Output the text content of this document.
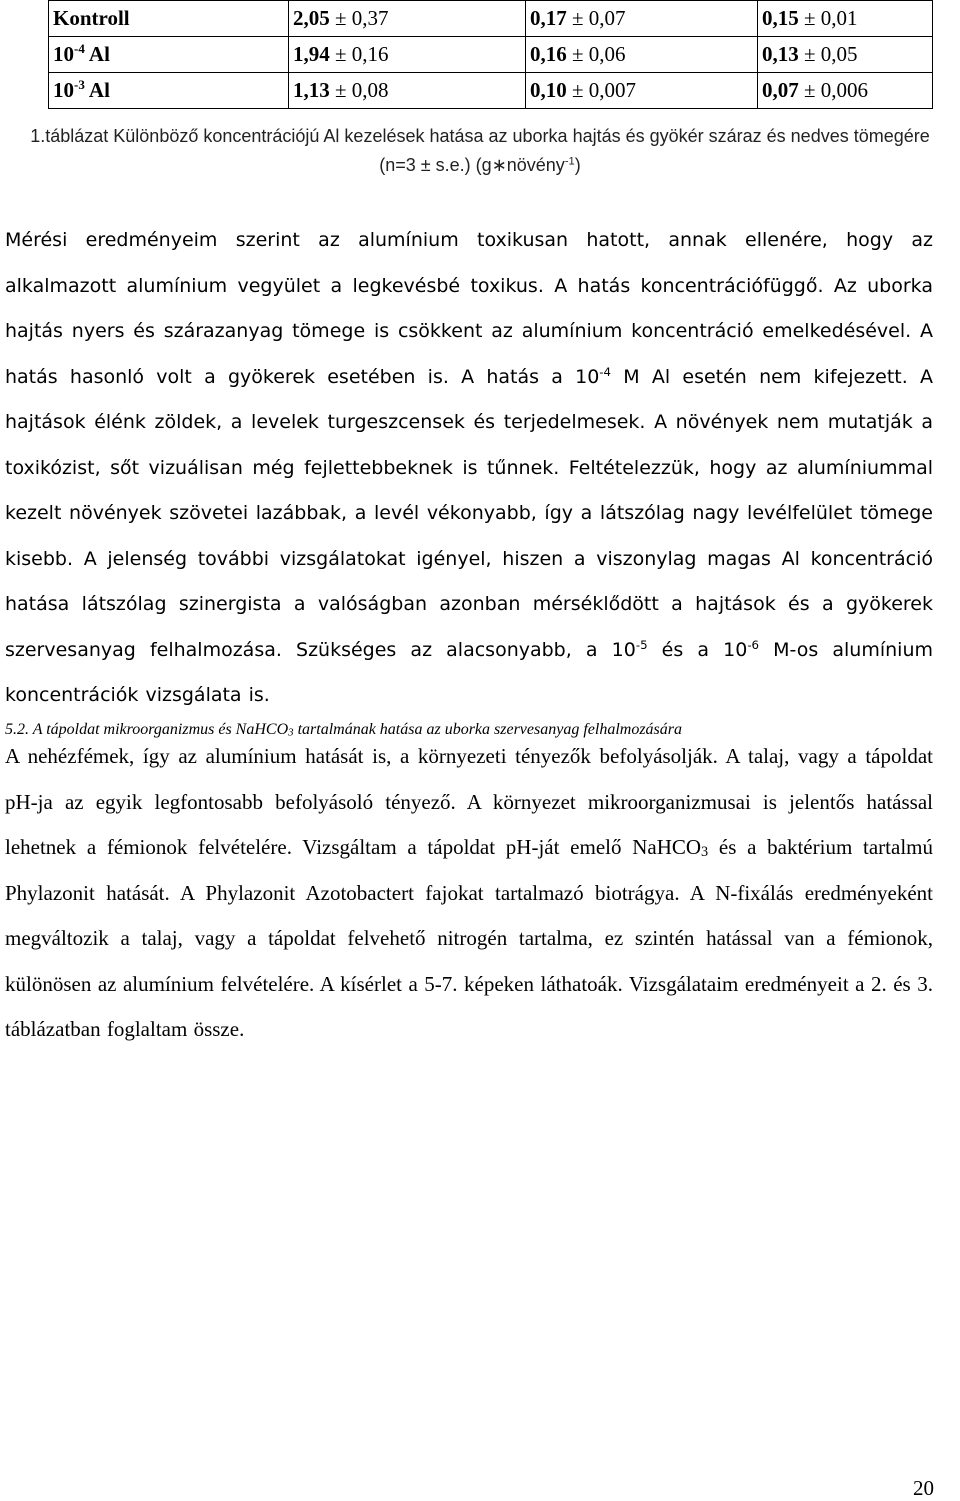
Kontroll	2,05 ± 0,37	0,17 ± 0,07	0,15 ± 0,01
$10^{-4}$ Al	1,94 ± 0,16	0,16 ± 0,06	0,13 ± 0,05
$10^{-3}$ Al	1,13 ± 0,08	0,10 ± 0,007	0,07 ± 0,006
1.táblázat Különböző koncentrációjú Al kezelések hatása az uborka hajtás és gyökér száraz és nedves tömegére
(n=3 ± s.e.) (g∗növény$^{-1}$)
Mérési eredményeim szerint az alumínium toxikusan hatott, annak ellenére, hogy az alkalmazott alumínium vegyület a legkevésbé toxikus. A hatás koncentrációfüggő. Az uborka hajtás nyers és szárazanyag tömege is csökkent az alumínium koncentráció emelkedésével. A hatás hasonló volt a gyökerek esetében is. A hatás a $10^{-4}$ M Al esetén nem kifejezett. A hajtások élénk zöldek, a levelek turgeszcensek és terjedelmesek. A növények nem mutatják a toxikózist, sőt vizuálisan még fejlettebbeknek is tűnnek. Feltételezzük, hogy az alumíniummal kezelt növények szövetei lazábbak, a levél vékonyabb, így a látszólag nagy levélfelület tömege kisebb. A jelenség további vizsgálatokat igényel, hiszen a viszonylag magas Al koncentráció hatása látszólag szinergista a valóságban azonban mérséklődött a hajtások és a gyökerek szervesanyag felhalmozása. Szükséges az alacsonyabb, a $10^{-5}$ és a $10^{-6}$ M-os alumínium koncentrációk vizsgálata is.
5.2. A tápoldat mikroorganizmus és NaHCO$_3$ tartalmának hatása az uborka szervesanyag felhalmozására
A nehézfémek, így az alumínium hatását is, a környezeti tényezők befolyásolják. A talaj, vagy a tápoldat pH-ja az egyik legfontosabb befolyásoló tényező. A környezet mikroorganizmusai is jelentős hatással lehetnek a fémionok felvételére. Vizsgáltam a tápoldat pH-ját emelő NaHCO$_3$ és a baktérium tartalmú Phylazonit hatását. A Phylazonit Azotobactert fajokat tartalmazó biotrágya. A N-fixálás eredményeként megváltozik a talaj, vagy a tápoldat felvehető nitrogén tartalma, ez szintén hatással van a fémionok, különösen az alumínium felvételére. A kísérlet a 5-7. képeken láthatoák. Vizsgálataim eredményeit a 2. és 3. táblázatban foglaltam össze.
20
